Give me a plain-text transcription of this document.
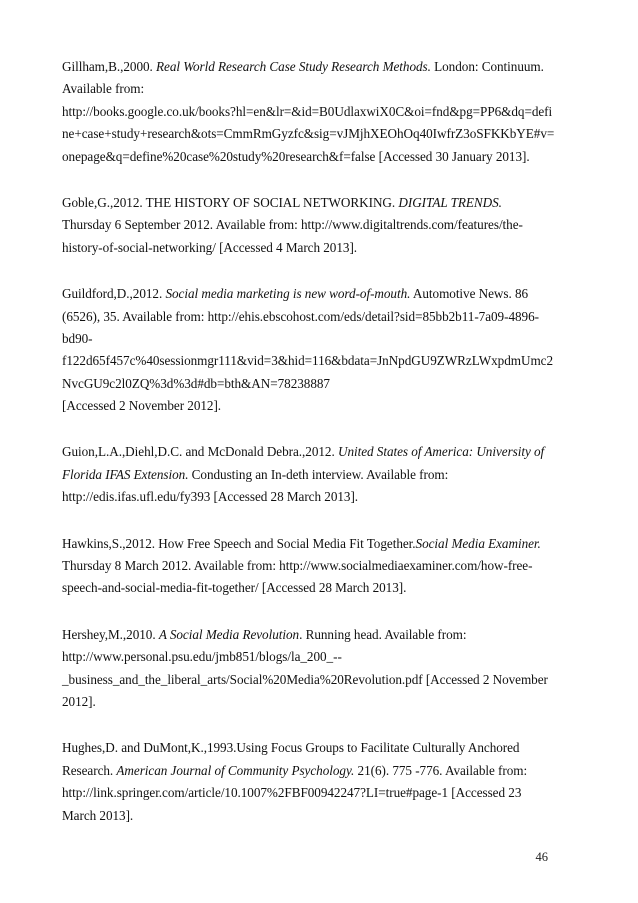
Gillham,B.,2000. Real World Research Case Study Research Methods. London: Continuum.
Available from:
http://books.google.co.uk/books?hl=en&lr=&id=B0UdlaxwiX0C&oi=fnd&pg=PP6&dq=defi
ne+case+study+research&ots=CmmRmGyzfc&sig=vJMjhXEOhOq40IwfrZ3oSFKKbYE#v=
onepage&q=define%20case%20study%20research&f=false [Accessed 30 January 2013].
Goble,G.,2012. THE HISTORY OF SOCIAL NETWORKING. DIGITAL TRENDS.
Thursday 6 September 2012. Available from: http://www.digitaltrends.com/features/the-
history-of-social-networking/ [Accessed 4 March 2013].
Guildford,D.,2012. Social media marketing is new word-of-mouth. Automotive News. 86
(6526), 35. Available from: http://ehis.ebscohost.com/eds/detail?sid=85bb2b11-7a09-4896-
bd90-
f122d65f457c%40sessionmgr111&vid=3&hid=116&bdata=JnNpdGU9ZWRzLWxpdmUmc2
NvcGU9c2l0ZQ%3d%3d#db=bth&AN=78238887
[Accessed 2 November 2012].
Guion,L.A.,Diehl,D.C. and McDonald Debra.,2012. United States of America: University of
Florida IFAS Extension. Condusting an In-deth interview. Available from:
http://edis.ifas.ufl.edu/fy393 [Accessed 28 March 2013].
Hawkins,S.,2012. How Free Speech and Social Media Fit Together.Social Media Examiner.
Thursday 8 March 2012. Available from: http://www.socialmediaexaminer.com/how-free-
speech-and-social-media-fit-together/ [Accessed 28 March 2013].
Hershey,M.,2010. A Social Media Revolution. Running head. Available from:
http://www.personal.psu.edu/jmb851/blogs/la_200_--
_business_and_the_liberal_arts/Social%20Media%20Revolution.pdf [Accessed 2 November
2012].
Hughes,D. and DuMont,K.,1993.Using Focus Groups to Facilitate Culturally Anchored
Research. American Journal of Community Psychology. 21(6). 775 -776. Available from:
http://link.springer.com/article/10.1007%2FBF00942247?LI=true#page-1 [Accessed 23
March 2013].
46
